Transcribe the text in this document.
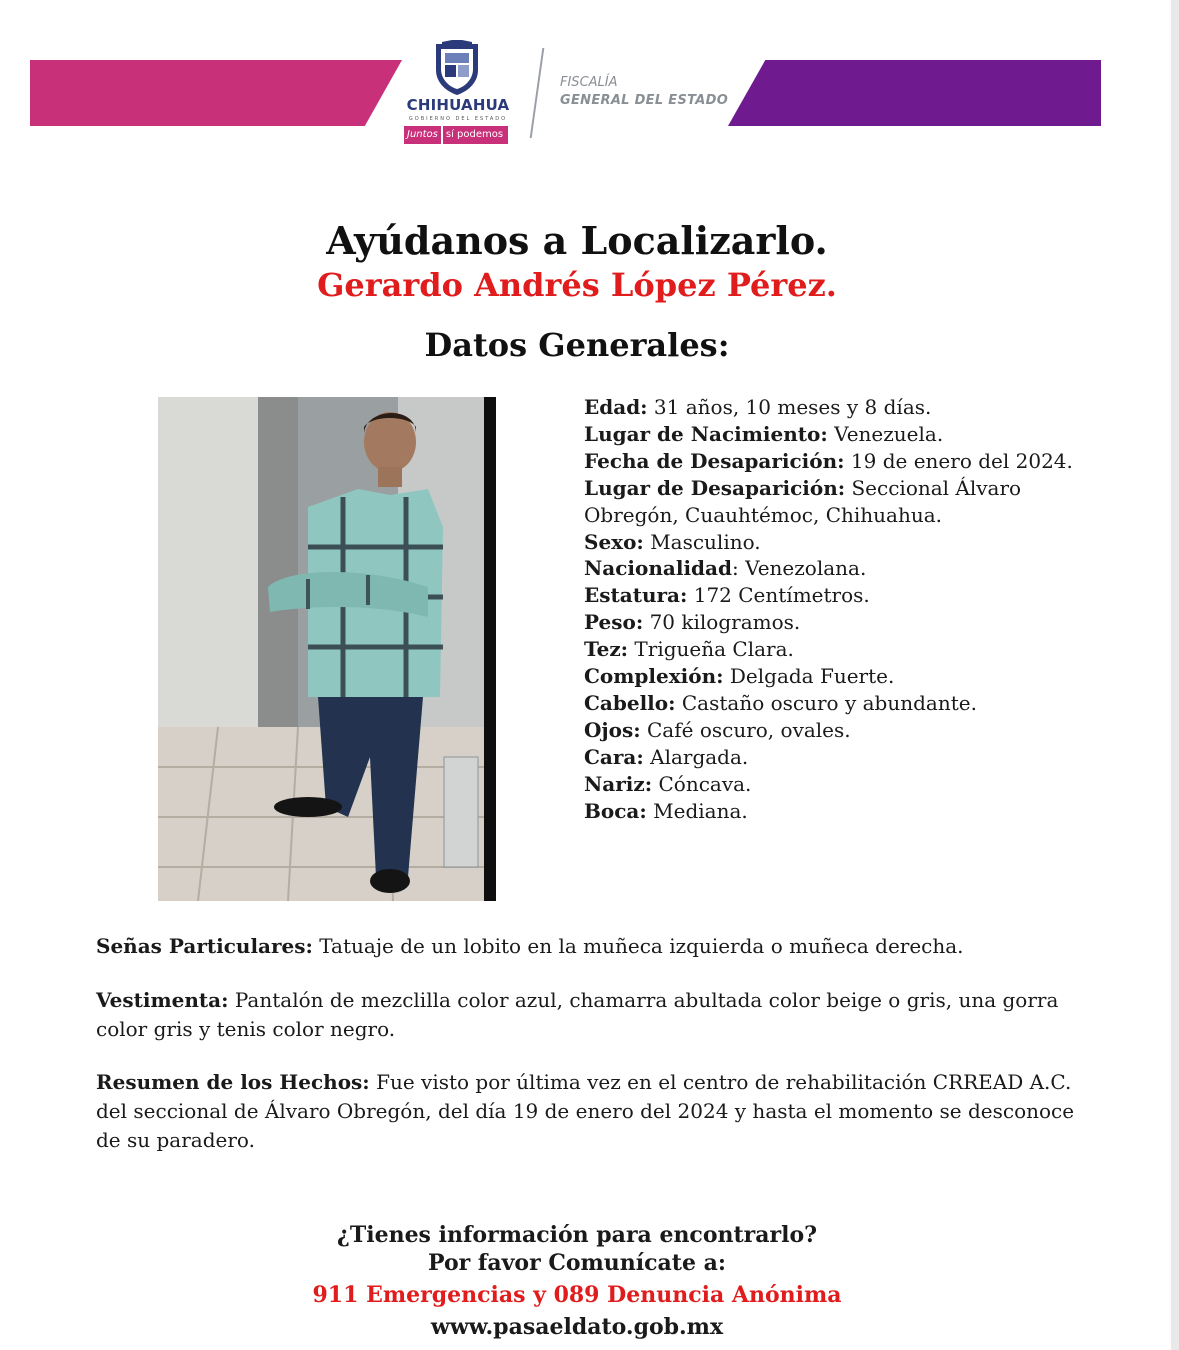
CHIHUAHUA
GOBIERNO DEL ESTADO
Juntos sí podemos
FISCALÍA
GENERAL DEL ESTADO
Ayúdanos a Localizarlo.
Gerardo Andrés López Pérez.
Datos Generales:

Edad: 31 años, 10 meses y 8 días.

Lugar de Nacimiento: Venezuela.

Fecha de Desaparición: 19 de enero del 2024.

Lugar de Desaparición: Seccional Álvaro Obregón, Cuauhtémoc, Chihuahua.

Sexo: Masculino.

Nacionalidad: Venezolana.

Estatura: 172 Centímetros.

Peso: 70 kilogramos.

Tez: Trigueña Clara.

Complexión: Delgada Fuerte.

Cabello: Castaño oscuro y abundante.

Ojos: Café oscuro, ovales.

Cara: Alargada.

Nariz: Cóncava.

Boca: Mediana.

Señas Particulares: Tatuaje de un lobito en la muñeca izquierda o muñeca derecha.

Vestimenta: Pantalón de mezclilla color azul, chamarra abultada color beige o gris, una gorra color gris y tenis color negro.

Resumen de los Hechos: Fue visto por última vez en el centro de rehabilitación CRREAD A.C. del seccional de Álvaro Obregón, del día 19 de enero del 2024 y hasta el momento se desconoce de su paradero.

¿Tienes información para encontrarlo?
Por favor Comunícate a:
911 Emergencias y 089 Denuncia Anónima
www.pasaeldato.gob.mx
